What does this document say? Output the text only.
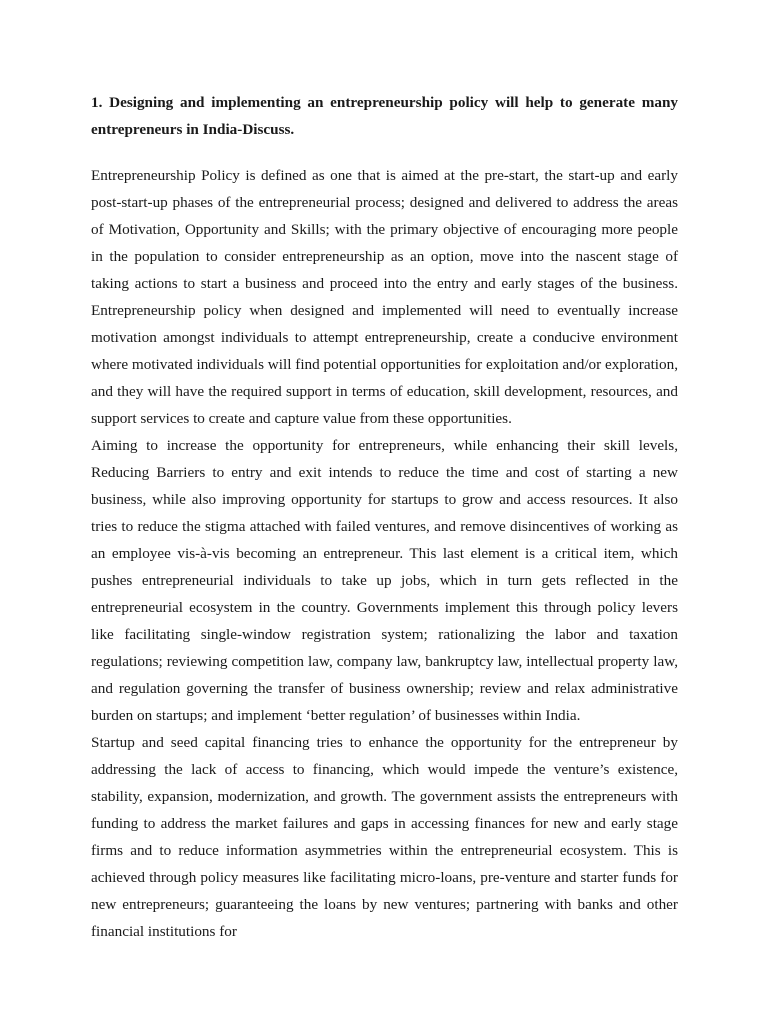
1. Designing and implementing an entrepreneurship policy will help to generate many entrepreneurs in India-Discuss.

Entrepreneurship Policy is defined as one that is aimed at the pre-start, the start-up and early post-start-up phases of the entrepreneurial process; designed and delivered to address the areas of Motivation, Opportunity and Skills; with the primary objective of encouraging more people in the population to consider entrepreneurship as an option, move into the nascent stage of taking actions to start a business and proceed into the entry and early stages of the business. Entrepreneurship policy when designed and implemented will need to eventually increase motivation amongst individuals to attempt entrepreneurship, create a conducive environment where motivated individuals will find potential opportunities for exploitation and/or exploration, and they will have the required support in terms of education, skill development, resources, and support services to create and capture value from these opportunities.

Aiming to increase the opportunity for entrepreneurs, while enhancing their skill levels, Reducing Barriers to entry and exit intends to reduce the time and cost of starting a new business, while also improving opportunity for startups to grow and access resources. It also tries to reduce the stigma attached with failed ventures, and remove disincentives of working as an employee vis-à-vis becoming an entrepreneur. This last element is a critical item, which pushes entrepreneurial individuals to take up jobs, which in turn gets reflected in the entrepreneurial ecosystem in the country. Governments implement this through policy levers like facilitating single-window registration system; rationalizing the labor and taxation regulations; reviewing competition law, company law, bankruptcy law, intellectual property law, and regulation governing the transfer of business ownership; review and relax administrative burden on startups; and implement ‘better regulation’ of businesses within India.

Startup and seed capital financing tries to enhance the opportunity for the entrepreneur by addressing the lack of access to financing, which would impede the venture’s existence, stability, expansion, modernization, and growth. The government assists the entrepreneurs with funding to address the market failures and gaps in accessing finances for new and early stage firms and to reduce information asymmetries within the entrepreneurial ecosystem. This is achieved through policy measures like facilitating micro-loans, pre-venture and starter funds for new entrepreneurs; guaranteeing the loans by new ventures; partnering with banks and other financial institutions for
